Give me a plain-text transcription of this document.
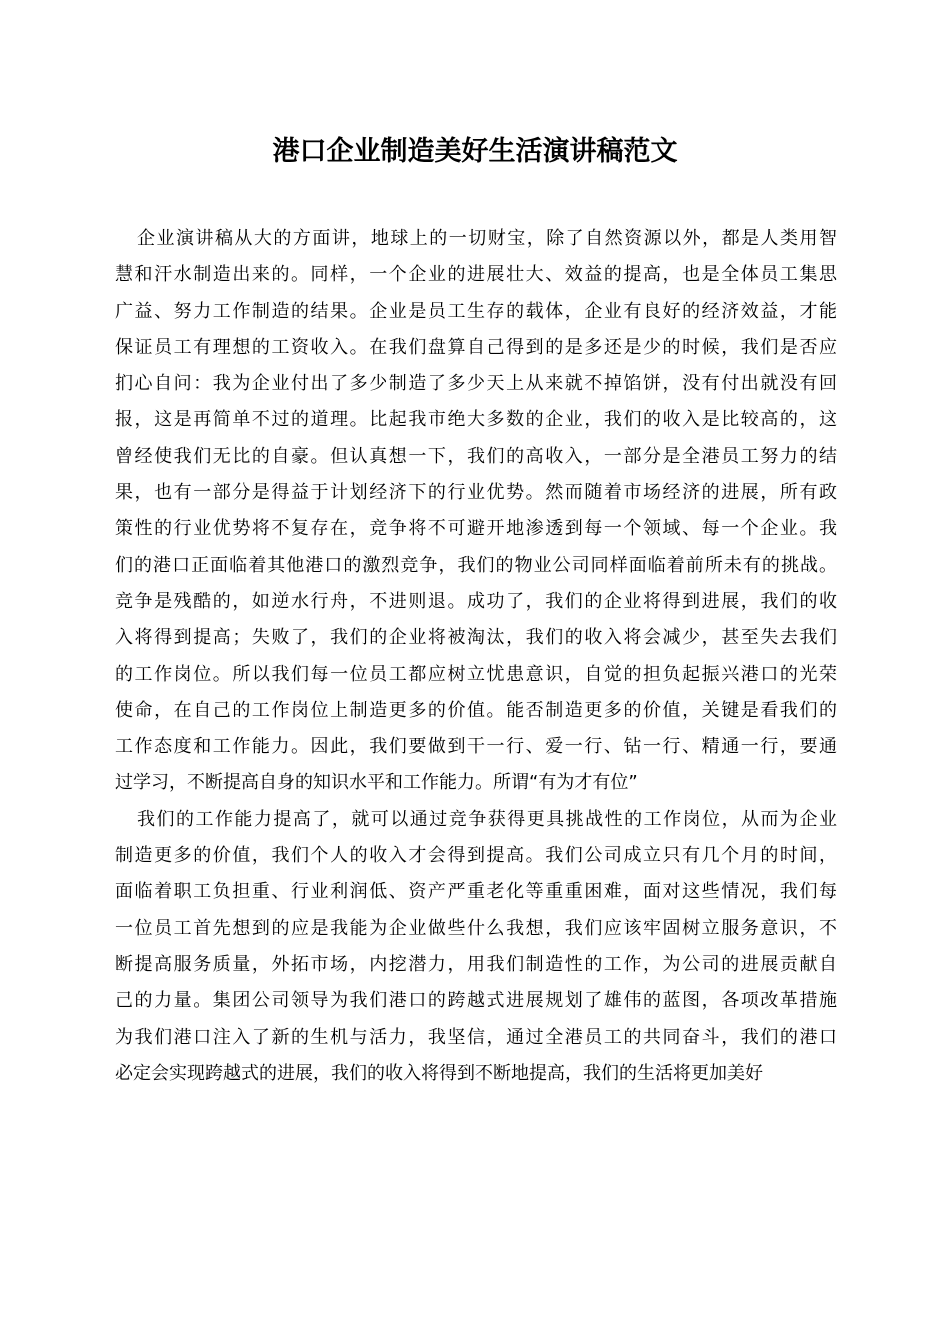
港口企业制造美好生活演讲稿范文
企业演讲稿从大的方面讲，地球上的一切财宝，除了自然资源以外，都是人类用智
慧和汗水制造出来的。同样，一个企业的进展壮大、效益的提高，也是全体员工集思
广益、努力工作制造的结果。企业是员工生存的载体，企业有良好的经济效益，才能
保证员工有理想的工资收入。在我们盘算自己得到的是多还是少的时候，我们是否应
扪心自问：我为企业付出了多少制造了多少天上从来就不掉馅饼，没有付出就没有回
报，这是再简单不过的道理。比起我市绝大多数的企业，我们的收入是比较高的，这
曾经使我们无比的自豪。但认真想一下，我们的高收入，一部分是全港员工努力的结
果，也有一部分是得益于计划经济下的行业优势。然而随着市场经济的进展，所有政
策性的行业优势将不复存在，竞争将不可避开地渗透到每一个领域、每一个企业。我
们的港口正面临着其他港口的激烈竞争，我们的物业公司同样面临着前所未有的挑战。
竞争是残酷的，如逆水行舟，不进则退。成功了，我们的企业将得到进展，我们的收
入将得到提高；失败了，我们的企业将被淘汰，我们的收入将会减少，甚至失去我们
的工作岗位。所以我们每一位员工都应树立忧患意识，自觉的担负起振兴港口的光荣
使命，在自己的工作岗位上制造更多的价值。能否制造更多的价值，关键是看我们的
工作态度和工作能力。因此，我们要做到干一行、爱一行、钻一行、精通一行，要通
过学习，不断提高自身的知识水平和工作能力。所谓“有为才有位”
我们的工作能力提高了，就可以通过竞争获得更具挑战性的工作岗位，从而为企业
制造更多的价值，我们个人的收入才会得到提高。我们公司成立只有几个月的时间，
面临着职工负担重、行业利润低、资产严重老化等重重困难，面对这些情况，我们每
一位员工首先想到的应是我能为企业做些什么我想，我们应该牢固树立服务意识，不
断提高服务质量，外拓市场，内挖潜力，用我们制造性的工作，为公司的进展贡献自
己的力量。集团公司领导为我们港口的跨越式进展规划了雄伟的蓝图，各项改革措施
为我们港口注入了新的生机与活力，我坚信，通过全港员工的共同奋斗，我们的港口
必定会实现跨越式的进展，我们的收入将得到不断地提高，我们的生活将更加美好
